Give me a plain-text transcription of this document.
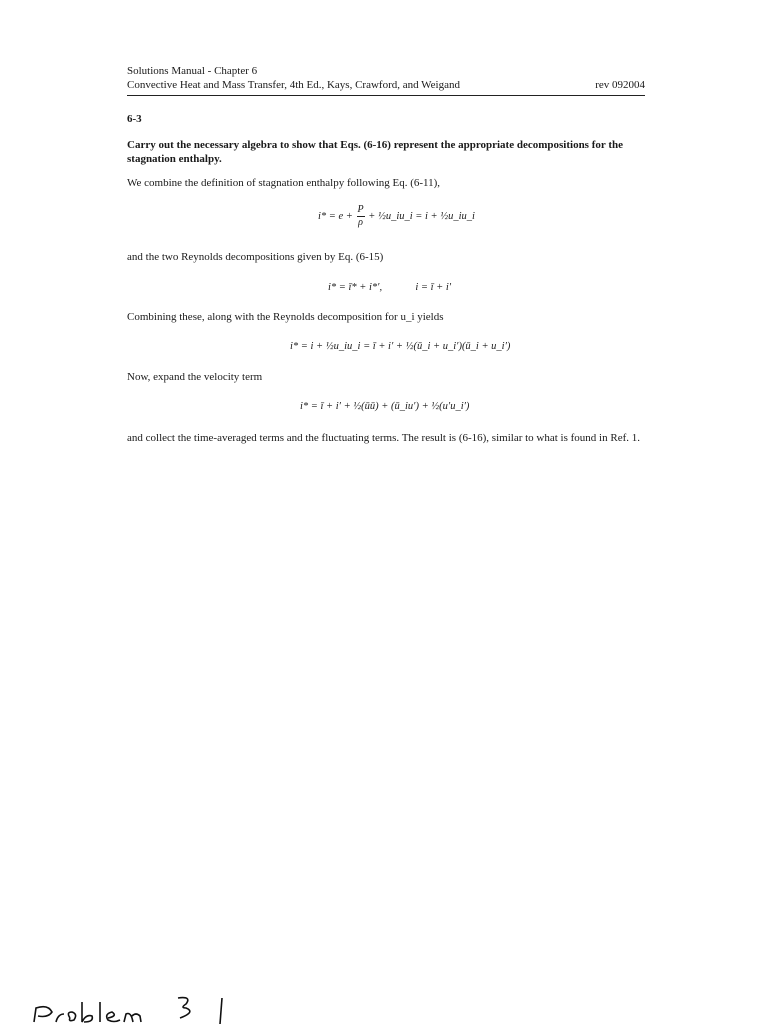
Solutions Manual - Chapter 6
Convective Heat and Mass Transfer, 4th Ed., Kays, Crawford, and Weigand	rev 092004
6-3
Carry out the necessary algebra to show that Eqs. (6-16) represent the appropriate decompositions for the stagnation enthalpy.
We combine the definition of stagnation enthalpy following Eq. (6-11),
$i* = e + \frac{P}{\rho}$ + ½u_iu_i = i + ½u_iu_i
and the two Reynolds decompositions given by Eq. (6-15)
i* = ī* + i*′,	i = ī + i′
Combining these, along with the Reynolds decomposition for u_i yields
i* = i + ½u_iu_i = ī + i′ + ½(ū_i + u_i′)(ū_i + u_i′)
Now, expand the velocity term
i* = ī + i′ + ½(ūū) + (ū_iu′) + ½(u′u_i′)
and collect the time-averaged terms and the fluctuating terms. The result is (6-16), similar to what is found in Ref. 1.
